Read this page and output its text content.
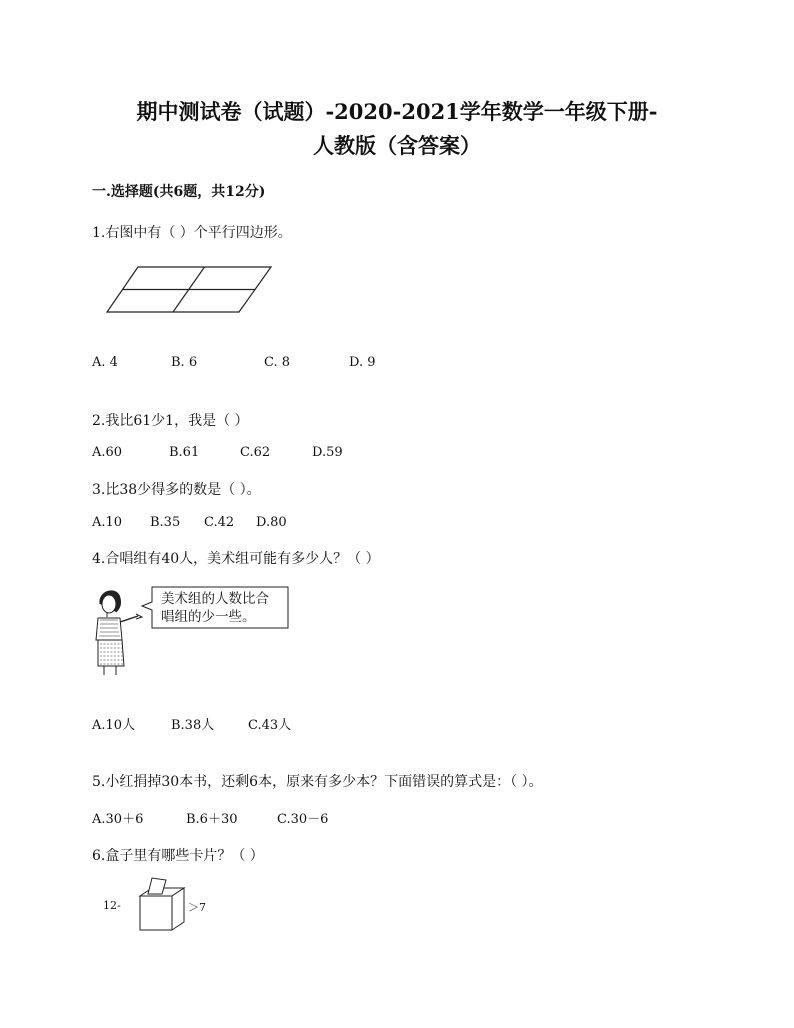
期中测试卷（试题）-2020-2021学年数学一年级下册-
人教版（含答案）
一.选择题(共6题，共12分)
1.右图中有（ ）个平行四边形。
A. 4	B. 6	C. 8	D. 9
2.我比61少1，我是（ ）
A.60	B.61	C.62	D.59
3.比38少得多的数是（ ）。
A.10 B.35 C.42 D.80
4.合唱组有40人，美术组可能有多少人？（ ）
美术组的人数比合
唱组的少一些。
A.10人	B.38人	C.43人
5.小红捐掉30本书，还剩6本，原来有多少本？下面错误的算式是：（ ）。
A.30＋6	B.6＋30	C.30－6
6.盒子里有哪些卡片？（ ）
12-	＞7
